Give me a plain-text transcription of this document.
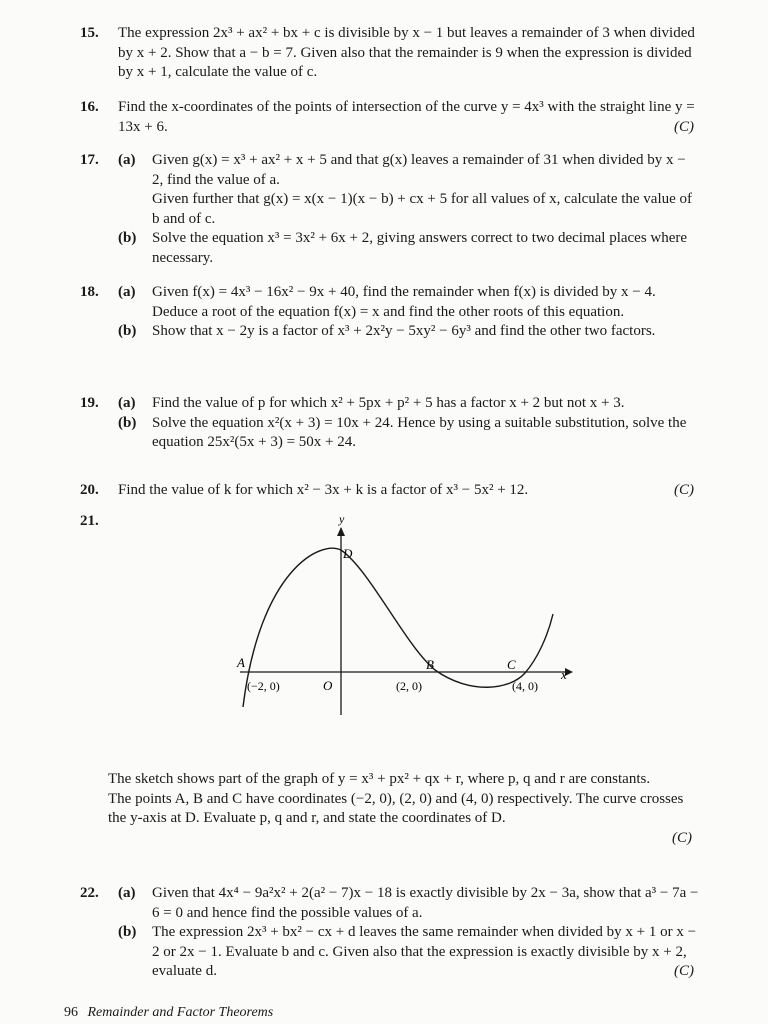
15. The expression 2x³ + ax² + bx + c is divisible by x − 1 but leaves a remainder of 3 when divided by x + 2. Show that a − b = 7. Given also that the remainder is 9 when the expression is divided by x + 1, calculate the value of c.
16. Find the x-coordinates of the points of intersection of the curve y = 4x³ with the straight line y = 13x + 6.	(C)
17. (a) Given g(x) = x³ + ax² + x + 5 and that g(x) leaves a remainder of 31 when divided by x − 2, find the value of a.
Given further that g(x) = x(x − 1)(x − b) + cx + 5 for all values of x, calculate the value of b and of c.
(b) Solve the equation x³ = 3x² + 6x + 2, giving answers correct to two decimal places where necessary.
18. (a) Given f(x) = 4x³ − 16x² − 9x + 40, find the remainder when f(x) is divided by x − 4. Deduce a root of the equation f(x) = x and find the other roots of this equation.
(b) Show that x − 2y is a factor of x³ + 2x²y − 5xy² − 6y³ and find the other two factors.
19. (a) Find the value of p for which x² + 5px + p² + 5 has a factor x + 2 but not x + 3.
(b) Solve the equation x²(x + 3) = 10x + 24. Hence by using a suitable substitution, solve the equation 25x²(5x + 3) = 50x + 24.
20. Find the value of k for which x² − 3x + k is a factor of x³ − 5x² + 12.	(C)
21.	y
x
O
D
A
(−2, 0)
B
(2, 0)
C
(4, 0)
The sketch shows part of the graph of y = x³ + px² + qx + r, where p, q and r are constants.
The points A, B and C have coordinates (−2, 0), (2, 0) and (4, 0) respectively. The curve crosses the y-axis at D. Evaluate p, q and r, and state the coordinates of D.
(C)
22. (a) Given that 4x⁴ − 9a²x² + 2(a² − 7)x − 18 is exactly divisible by 2x − 3a, show that a³ − 7a − 6 = 0 and hence find the possible values of a.
(b) The expression 2x³ + bx² − cx + d leaves the same remainder when divided by x + 1 or x − 2 or 2x − 1. Evaluate b and c. Given also that the expression is exactly divisible by x + 2, evaluate d.	(C)
96 Remainder and Factor Theorems
